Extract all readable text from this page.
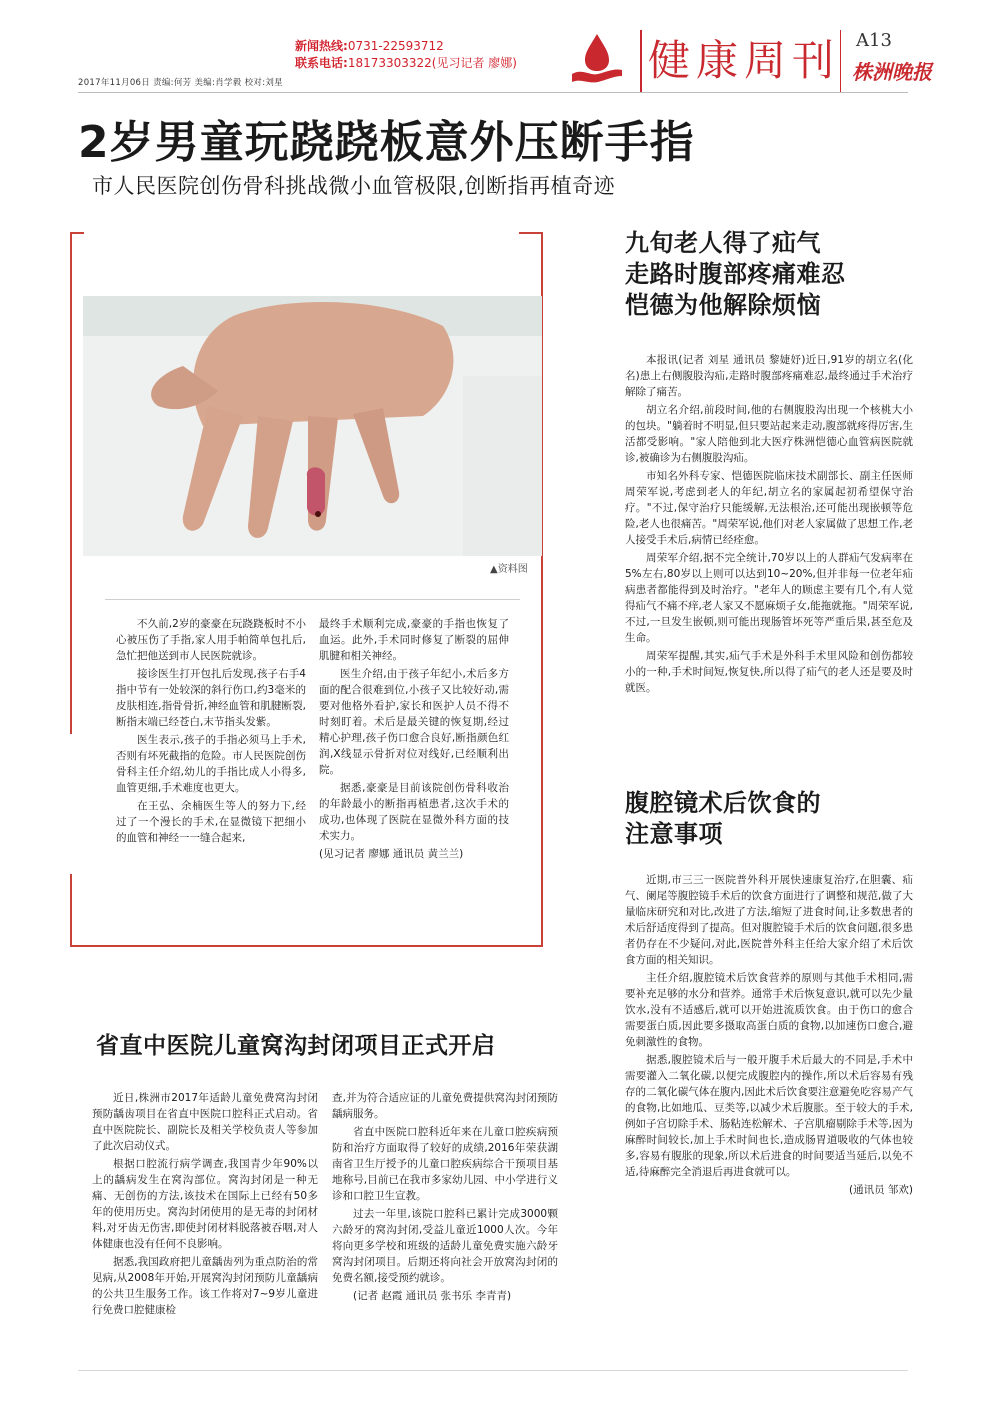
新闻热线:0731-22593712
联系电话:18173303322(见习记者 廖娜)
2017年11月06日 责编:何芳 美编:肖学毅 校对:刘星	健康周刊 A13
株洲晚报
2岁男童玩跷跷板意外压断手指
市人民医院创伤骨科挑战微小血管极限,创断指再植奇迹
▲资料图

不久前,2岁的豪豪在玩跷跷板时不小心被压伤了手指,家人用手帕简单包扎后,急忙把他送到市人民医院就诊。

接诊医生打开包扎后发现,孩子右手4指中节有一处较深的斜行伤口,约3毫米的皮肤相连,指骨骨折,神经血管和肌腱断裂,断指末端已经苍白,末节指头发紫。

医生表示,孩子的手指必须马上手术,否则有坏死截指的危险。市人民医院创伤骨科主任介绍,幼儿的手指比成人小得多,血管更细,手术难度也更大。

在王弘、余楠医生等人的努力下,经过了一个漫长的手术,在显微镜下把细小的血管和神经一一缝合起来,

最终手术顺利完成,豪豪的手指也恢复了血运。此外,手术同时修复了断裂的屈伸肌腱和相关神经。

医生介绍,由于孩子年纪小,术后多方面的配合很难到位,小孩子又比较好动,需要对他格外看护,家长和医护人员不得不时刻盯着。术后是最关键的恢复期,经过精心护理,孩子伤口愈合良好,断指颜色红润,X线显示骨折对位对线好,已经顺利出院。

据悉,豪豪是目前该院创伤骨科收治的年龄最小的断指再植患者,这次手术的成功,也体现了医院在显微外科方面的技术实力。

(见习记者 廖娜 通讯员 黄兰兰)

九旬老人得了疝气
走路时腹部疼痛难忍
恺德为他解除烦恼

本报讯(记者 刘星 通讯员 黎婕妤)近日,91岁的胡立名(化名)患上右侧腹股沟疝,走路时腹部疼痛难忍,最终通过手术治疗解除了痛苦。

胡立名介绍,前段时间,他的右侧腹股沟出现一个核桃大小的包块。"躺着时不明显,但只要站起来走动,腹部就疼得厉害,生活都受影响。"家人陪他到北大医疗株洲恺德心血管病医院就诊,被确诊为右侧腹股沟疝。

市知名外科专家、恺德医院临床技术副部长、副主任医师周荣军说,考虑到老人的年纪,胡立名的家属起初希望保守治疗。"不过,保守治疗只能缓解,无法根治,还可能出现嵌顿等危险,老人也很痛苦。"周荣军说,他们对老人家属做了思想工作,老人接受手术后,病情已经痊愈。

周荣军介绍,据不完全统计,70岁以上的人群疝气发病率在5%左右,80岁以上则可以达到10~20%,但并非每一位老年疝病患者都能得到及时治疗。"老年人的顾虑主要有几个,有人觉得疝气不痛不痒,老人家又不愿麻烦子女,能拖就拖。"周荣军说,不过,一旦发生嵌顿,则可能出现肠管坏死等严重后果,甚至危及生命。

周荣军提醒,其实,疝气手术是外科手术里风险和创伤都较小的一种,手术时间短,恢复快,所以得了疝气的老人还是要及时就医。

腹腔镜术后饮食的
注意事项

近期,市三三一医院普外科开展快速康复治疗,在胆囊、疝气、阑尾等腹腔镜手术后的饮食方面进行了调整和规范,做了大量临床研究和对比,改进了方法,缩短了进食时间,让多数患者的术后舒适度得到了提高。但对腹腔镜手术后的饮食问题,很多患者仍存在不少疑问,对此,医院普外科主任给大家介绍了术后饮食方面的相关知识。

主任介绍,腹腔镜术后饮食营养的原则与其他手术相同,需要补充足够的水分和营养。通常手术后恢复意识,就可以先少量饮水,没有不适感后,就可以开始进流质饮食。由于伤口的愈合需要蛋白质,因此要多摄取高蛋白质的食物,以加速伤口愈合,避免刺激性的食物。

据悉,腹腔镜术后与一般开腹手术后最大的不同是,手术中需要灌入二氧化碳,以便完成腹腔内的操作,所以术后容易有残存的二氧化碳气体在腹内,因此术后饮食要注意避免吃容易产气的食物,比如地瓜、豆类等,以减少术后腹胀。至于较大的手术,例如子宫切除手术、肠粘连松解术、子宫肌瘤剔除手术等,因为麻醉时间较长,加上手术时间也长,造成肠胃道吸收的气体也较多,容易有腹胀的现象,所以术后进食的时间要适当延后,以免不适,待麻醉完全消退后再进食就可以。

(通讯员 邹欢)

省直中医院儿童窝沟封闭项目正式开启

近日,株洲市2017年适龄儿童免费窝沟封闭预防龋齿项目在省直中医院口腔科正式启动。省直中医院院长、副院长及相关学校负责人等参加了此次启动仪式。

根据口腔流行病学调查,我国青少年90%以上的龋病发生在窝沟部位。窝沟封闭是一种无痛、无创伤的方法,该技术在国际上已经有50多年的使用历史。窝沟封闭使用的是无毒的封闭材料,对牙齿无伤害,即使封闭材料脱落被吞咽,对人体健康也没有任何不良影响。

据悉,我国政府把儿童龋齿列为重点防治的常见病,从2008年开始,开展窝沟封闭预防儿童龋病的公共卫生服务工作。该工作将对7~9岁儿童进行免费口腔健康检

查,并为符合适应证的儿童免费提供窝沟封闭预防龋病服务。

省直中医院口腔科近年来在儿童口腔疾病预防和治疗方面取得了较好的成绩,2016年荣获湖南省卫生厅授予的儿童口腔疾病综合干预项目基地称号,目前已在我市多家幼儿园、中小学进行义诊和口腔卫生宣教。

过去一年里,该院口腔科已累计完成3000颗六龄牙的窝沟封闭,受益儿童近1000人次。今年将向更多学校和班级的适龄儿童免费实施六龄牙窝沟封闭项目。后期还将向社会开放窝沟封闭的免费名额,接受预约就诊。

(记者 赵霞 通讯员 张书乐 李青青)
